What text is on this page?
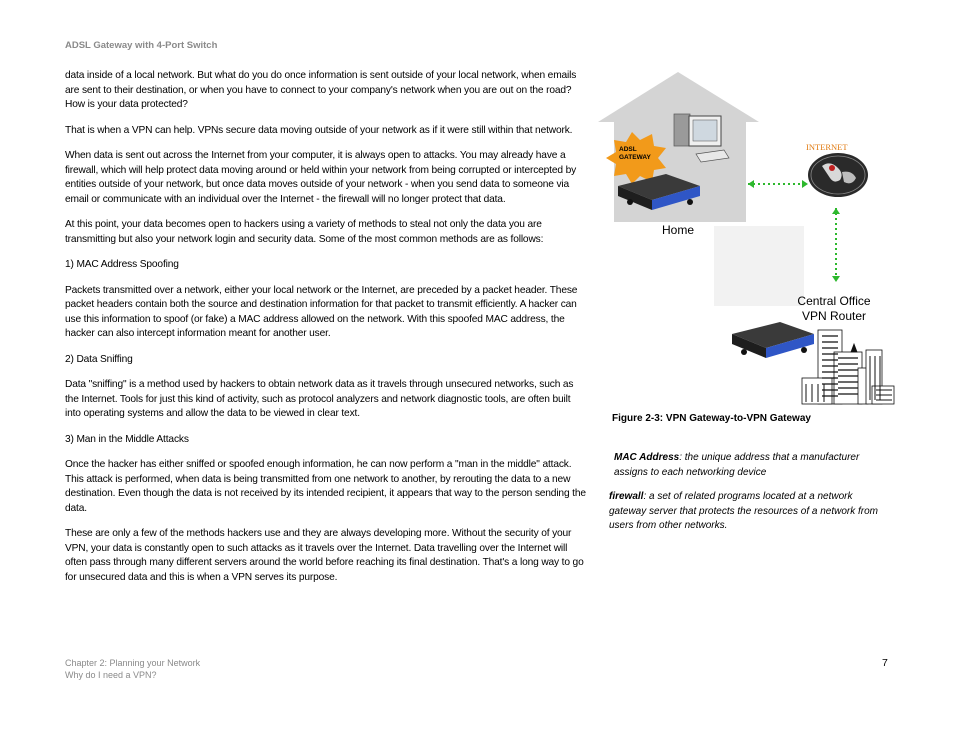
ADSL Gateway with 4-Port Switch

data inside of a local network. But what do you do once information is sent outside of your local network, when emails are sent to their destination, or when you have to connect to your company's network when you are out on the road? How is your data protected?

That is when a VPN can help. VPNs secure data moving outside of your network as if it were still within that network.

When data is sent out across the Internet from your computer, it is always open to attacks. You may already have a firewall, which will help protect data moving around or held within your network from being corrupted or intercepted by entities outside of your network, but once data moves outside of your network - when you send data to someone via email or communicate with an individual over the Internet - the firewall will no longer protect that data.

At this point, your data becomes open to hackers using a variety of methods to steal not only the data you are transmitting but also your network login and security data. Some of the most common methods are as follows:

1) MAC Address Spoofing

Packets transmitted over a network, either your local network or the Internet, are preceded by a packet header. These packet headers contain both the source and destination information for that packet to transmit efficiently. A hacker can use this information to spoof (or fake) a MAC address allowed on the network. With this spoofed MAC address, the hacker can also intercept information meant for another user.

2) Data Sniffing

Data "sniffing" is a method used by hackers to obtain network data as it travels through unsecured networks, such as the Internet. Tools for just this kind of activity, such as protocol analyzers and network diagnostic tools, are often built into operating systems and allow the data to be viewed in clear text.

3) Man in the Middle Attacks

Once the hacker has either sniffed or spoofed enough information, he can now perform a "man in the middle" attack. This attack is performed, when data is being transmitted from one network to another, by rerouting the data to a new destination. Even though the data is not received by its intended recipient, it appears that way to the person sending the data.

These are only a few of the methods hackers use and they are always developing more. Without the security of your VPN, your data is constantly open to such attacks as it travels over the Internet. Data travelling over the Internet will often pass through many different servers around the world before reaching its final destination. That's a long way to go for unsecured data and this is when a VPN serves its purpose.

ADSL
GATEWAY
INTERNET
Home
Central Office
VPN Router
Figure 2-3: VPN Gateway-to-VPN Gateway
MAC Address: the unique address that a manufacturer assigns to each networking device
firewall: a set of related programs located at a network gateway server that protects the resources of a network from users from other networks.
Chapter 2: Planning your Network
Why do I need a VPN?
7
